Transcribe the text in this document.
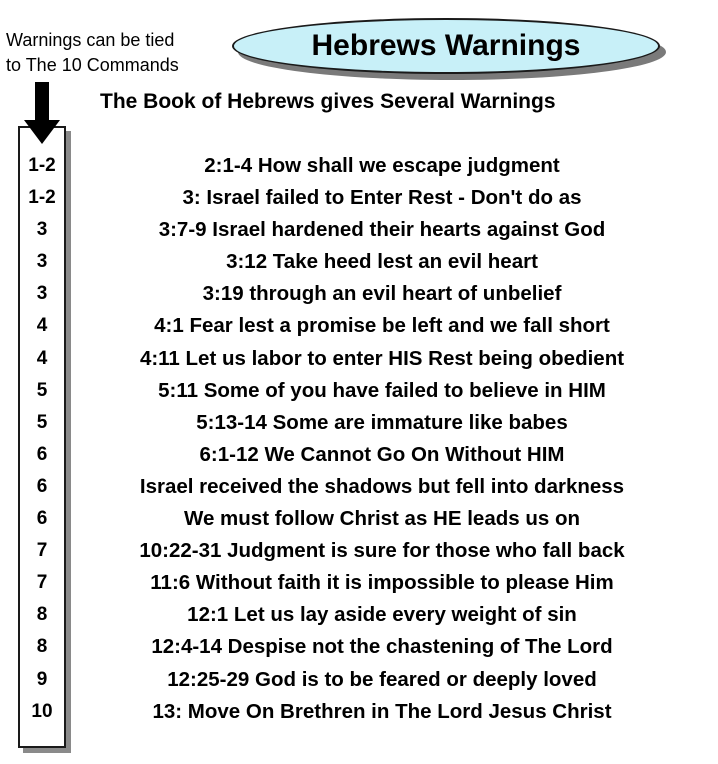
Warnings can be tied
to The 10 Commands
Hebrews Warnings
The Book of Hebrews gives Several Warnings
1-2	2:1-4 How shall we escape judgment
1-2	3: Israel failed to Enter Rest - Don't do as
3	3:7-9 Israel hardened their hearts against God
3	3:12 Take heed lest an evil heart
3	3:19 through an evil heart of unbelief
4	4:1 Fear lest a promise be left and we fall short
4	4:11 Let us labor to enter HIS Rest being obedient
5	5:11 Some of you have failed to believe in HIM
5	5:13-14 Some are immature like babes
6	6:1-12 We Cannot Go On Without HIM
6	Israel received the shadows but fell into darkness
6	We must follow Christ as HE leads us on
7	10:22-31 Judgment is sure for those who fall back
7	11:6 Without faith it is impossible to please Him
8	12:1 Let us lay aside every weight of sin
8	12:4-14 Despise not the chastening of The Lord
9	12:25-29 God is to be feared or deeply loved
10	13: Move On Brethren in The Lord Jesus Christ
